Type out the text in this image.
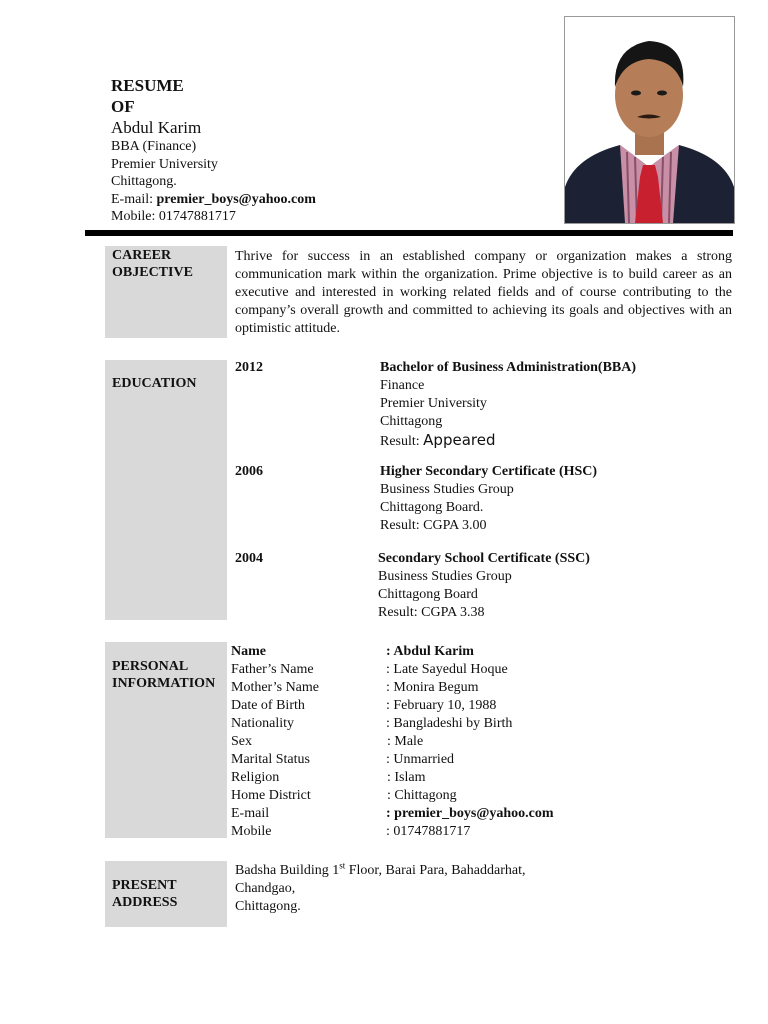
RESUME
OF
Abdul Karim
BBA (Finance)
Premier University
Chittagong.
E-mail: premier_boys@yahoo.com
Mobile: 01747881717
CAREER
OBJECTIVE
Thrive for success in an established company or organization makes a strong communication mark within the organization. Prime objective is to build career as an executive and interested in working related fields and of course contributing to the company’s overall growth and committed to achieving its goals and objectives with an optimistic attitude.
EDUCATION
2012	Bachelor of Business Administration(BBA)
Finance
Premier University
Chittagong
Result: Appeared
2006	Higher Secondary Certificate (HSC)
Business Studies Group
Chittagong Board.
Result: CGPA 3.00
2004	Secondary School Certificate (SSC)
Business Studies Group
Chittagong Board
Result: CGPA 3.38
PERSONAL
INFORMATION
Name	: Abdul Karim
Father’s Name	: Late Sayedul Hoque
Mother’s Name	: Monira Begum
Date of Birth	: February 10, 1988
Nationality	: Bangladeshi by Birth
Sex	: Male
Marital Status	: Unmarried
Religion	: Islam
Home District	: Chittagong
E-mail	: premier_boys@yahoo.com
Mobile	: 01747881717
PRESENT
ADDRESS
Badsha Building 1st Floor, Barai Para, Bahaddarhat,
Chandgao,
Chittagong.
